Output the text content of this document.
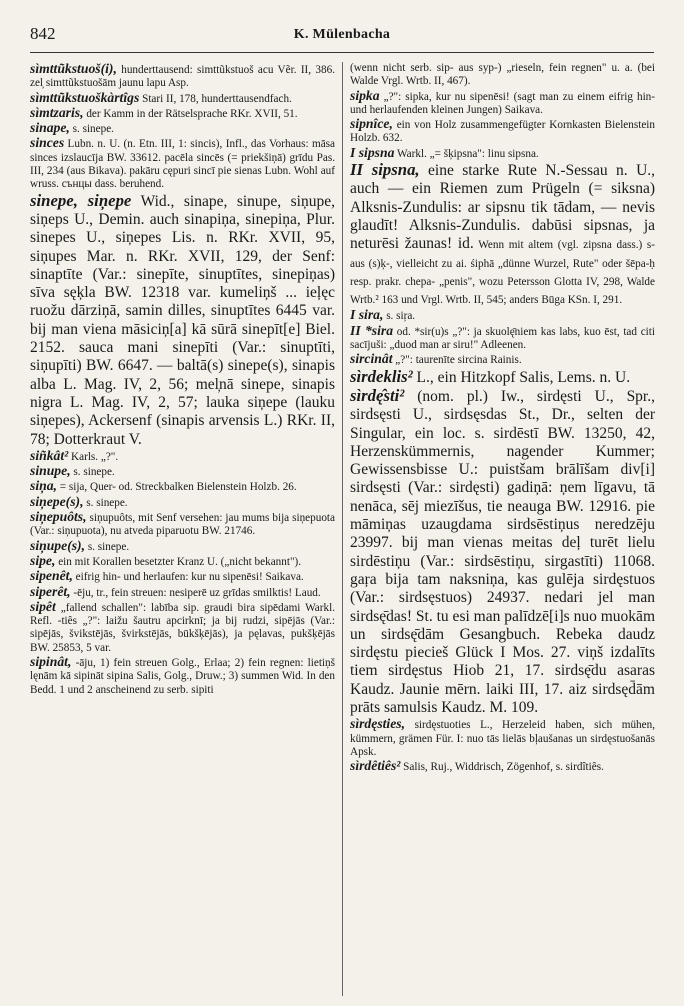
842	K. Mülenbacha

sìmttũkstuoš(i), hunderttausend: simttũkstuoš acu Vẽr. II, 386. zel̦ simttũkstuošām jaunu lapu Asp.

sìmttũkstuoškàrtîgs Stari II, 178, hunderttausendfach.

sìmtzaris, der Kamm in der Rätselsprache RKr. XVII, 51.

sinape, s. sinepe.

sinces Lubn. n. U. (n. Etn. III, 1: sincis), Infl., das Vorhaus: māsa sinces izslaucīja BW. 33612. pacēla sincēs (= priekšiņā) grīdu Pas. III, 234 (aus Bikava). pakāru cępuri sincī pie sienas Lubn. Wohl auf wruss. сънцы dass. beruhend.

sinepe, siņepe Wid., sinape, sinupe, siņupe, siņeps U., Demin. auch sinapiņa, sinepiņa, Plur. sinepes U., siņepes Lis. n. RKr. XVII, 95, siņupes Mar. n. RKr. XVII, 129, der Senf: sinaptīte (Var.: sinepīte, sinuptītes, sinepiņas) sīva sęķla BW. 12318 var. kumeliņš ... ieļęc ruožu dārziņā, samin dilles, sinuptītes 6445 var. bij man viena māsiciņ[a] kā sūrā sinepīt[e] Biel. 2152. sauca mani sinepīti (Var.: sinuptīti, siņupīti) BW. 6647. — baltā(s) sinepe(s), sinapis alba L. Mag. IV, 2, 56; mel̦nā sinepe, sinapis nigra L. Mag. IV, 2, 57; lauka siņepe (lauku siņepes), Ackersenf (sinapis arvensis L.) RKr. II, 78; Dotterkraut V.

siñkât² Karls. „?".

sinupe, s. sinepe.

siņa, = sija, Quer- od. Streckbalken Bielenstein Holzb. 26.

siņepe(s), s. sinepe.

siņepuôts, siņupuôts, mit Senf versehen: jau mums bija siņepuota (Var.: siņupuota), nu atveda piparuotu BW. 21746.

siņupe(s), s. sinepe.

sipe, ein mit Korallen besetzter Kranz U. („nicht bekannt").

sipenêt, eifrig hin- und herlaufen: kur nu sipenēsi! Saikava.

siperêt, -ēju, tr., fein streuen: nesiperē uz grīdas smilktis! Laud.

sipêt „fallend schallen": labība sip. graudi bira sipēdami Warkl. Refl. -tiês „?": laižu šautru apcirknī; ja bij rudzi, sipējās (Var.: sipējās, švikstējās, švirkstējās, būkšķējās), ja pęlavas, pukšķējās BW. 25853, 5 var.

sipinât, -āju, 1) fein streuen Golg., Erlaa; 2) fein regnen: lietiņš lęnām kā sipināt sipina Salis, Golg., Druw.; 3) summen Wid. In den Bedd. 1 und 2 anscheinend zu serb. sipiti

(wenn nicht serb. sip- aus syp-) „rieseln, fein regnen" u. a. (bei Walde Vrgl. Wrtb. II, 467).

sipka „?": sipka, kur nu sipenēsi! (sagt man zu einem eifrig hin- und herlaufenden kleinen Jungen) Saikava.

sipnîce, ein von Holz zusammengefügter Kornkasten Bielenstein Holzb. 632.

I sipsna Warkl. „= šķipsna": linu sipsna.

II sipsna, eine starke Rute N.-Sessau n. U., auch — ein Riemen zum Prügeln (= siksna) Alksnis-Zundulis: ar sipsnu tik tādam, — nevis glaudīt! Alksnis-Zundulis. dabūsi sipsnas, ja neturēsi žaunas! id. Wenn mit altem (vgl. zipsna dass.) s- aus (s)ķ-, vielleicht zu ai. śiphā „dünne Wurzel, Rute" oder šēpa-ḥ resp. prakr. chepa- „penis", wozu Petersson Glotta IV, 298, Walde Wrtb.² 163 und Vrgl. Wrtb. II, 545; anders Būga KSn. I, 291.

I sira, s. siŗa.

II *sira od. *sir(u)s „?": ja skuolę̄niem kas labs, kuo ēst, tad citi sacījuši: „duod man ar siru!" Adleenen.

sircinât „?": taurenīte sircina Rainis.

sìrdeklis² L., ein Hitzkopf Salis, Lems. n. U.

sìrdę̂sti² (nom. pl.) Iw., sirdęsti U., Spr., sirdsęsti U., sirdsęsdas St., Dr., selten der Singular, ein loc. s. sirdēstī BW. 13250, 42, Herzenskümmernis, nagender Kummer; Gewissensbisse U.: puistšam brālīšam div[i] sirdsęsti (Var.: sirdęsti) gadiņā: ņem līgavu, tā nenāca, sēj miezīšus, tie neauga BW. 12916. pie māmiņas uzaugdama sirdsēstiņus neredzēju 23997. bij man vienas meitas deļ turēt lielu sirdēstiņu (Var.: sirdsēstiņu, sirgastīti) 11068. gaŗa bija tam naksniņa, kas gulēja sirdęstuos (Var.: sirdsęstuos) 24937. nedari jel man sirdsę̄das! St. tu esi man palīdzē[i]s nuo muokām un sirdsę̄dām Gesangbuch. Rebeka daudz sirdęstu piecieš Glück I Mos. 27. viņš izdalīts tiem sirdęstus Hiob 21, 17. sirdsę̄du asaras Kaudz. Jaunie mērn. laiki III, 17. aiz sirdsęd̄ām prāts samulsis Kaudz. M. 109.

sìrdęsties, sirdęstuoties L., Herzeleid haben, sich mühen, kümmern, grämen Für. I: nuo tās lielās bļaušanas un sirdęstuošanās Apsk.

sìrdêtiês² Salis, Ruj., Widdrisch, Zögenhof, s. sirdîtiês.
